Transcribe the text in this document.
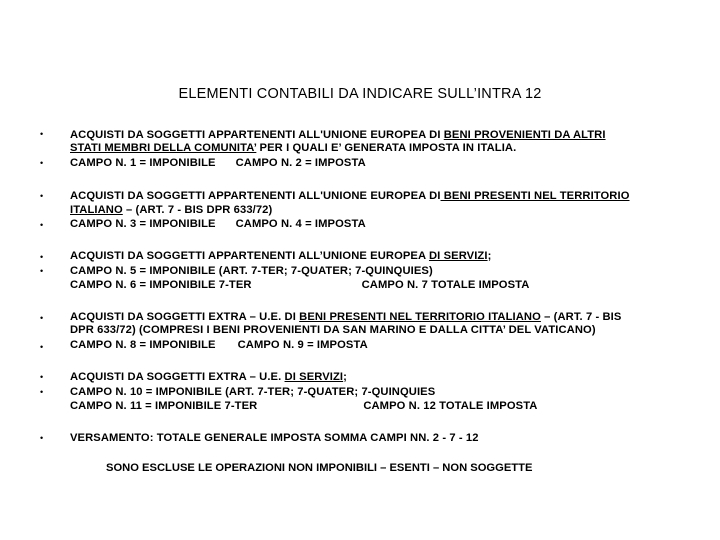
ELEMENTI CONTABILI DA INDICARE SULL’INTRA 12
• ACQUISTI DA SOGGETTI APPARTENENTI ALL'UNIONE EUROPEA DI BENI PROVENIENTI DA ALTRI
STATI MEMBRI DELLA COMUNITA’ PER I QUALI E’ GENERATA IMPOSTA IN ITALIA.
• CAMPO N. 1 = IMPONIBILE CAMPO N. 2 = IMPOSTA
• ACQUISTI DA SOGGETTI APPARTENENTI ALL'UNIONE EUROPEA DI BENI PRESENTI NEL TERRITORIO
ITALIANO – (ART. 7 - BIS DPR 633/72)
• CAMPO N. 3 = IMPONIBILE CAMPO N. 4 = IMPOSTA
• ACQUISTI DA SOGGETTI APPARTENENTI ALL’UNIONE EUROPEA DI SERVIZI;
• CAMPO N. 5 = IMPONIBILE (ART. 7-TER; 7-QUATER; 7-QUINQUIES)
CAMPO N. 6 = IMPONIBILE 7-TER	CAMPO N. 7 TOTALE IMPOSTA
• ACQUISTI DA SOGGETTI EXTRA – U.E. DI BENI PRESENTI NEL TERRITORIO ITALIANO – (ART. 7 - BIS
DPR 633/72) (COMPRESI I BENI PROVENIENTI DA SAN MARINO E DALLA CITTA’ DEL VATICANO)
• CAMPO N. 8 = IMPONIBILE CAMPO N. 9 = IMPOSTA
• ACQUISTI DA SOGGETTI EXTRA – U.E. DI SERVIZI;
• CAMPO N. 10 = IMPONIBILE (ART. 7-TER; 7-QUATER; 7-QUINQUIES
CAMPO N. 11 = IMPONIBILE 7-TER	CAMPO N. 12 TOTALE IMPOSTA
• VERSAMENTO: TOTALE GENERALE IMPOSTA SOMMA CAMPI NN. 2 - 7 - 12
SONO ESCLUSE LE OPERAZIONI NON IMPONIBILI – ESENTI – NON SOGGETTE
